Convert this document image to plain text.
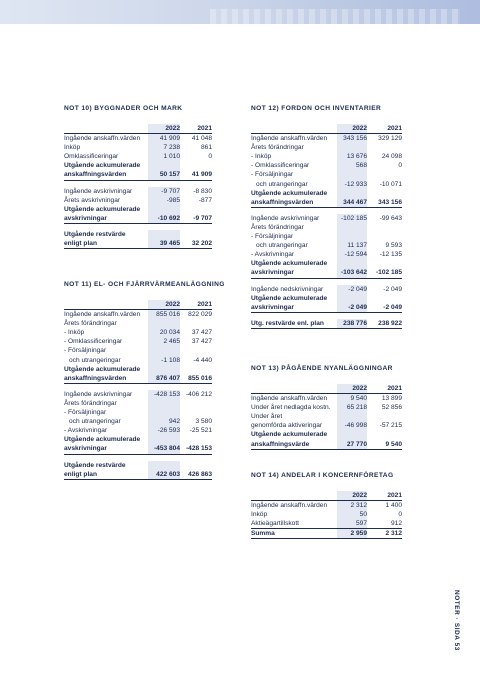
NOT 10) BYGGNADER OCH MARK
	2022	2021
Ingående anskaffn.värden	41 909	41 048
Inköp	7 238	861
Omklassificeringar	1 010	0
Utgående ackumulerade		
anskaffningsvärden	50 157	41 909

Ingående avskrivningar	-9 707	-8 830
Årets avskrivningar	-985	-877
Utgående ackumulerade		
avskrivningar	-10 692	-9 707

Utgående restvärde		
enligt plan	39 465	32 202
NOT 11) EL- OCH FJÄRRVÄRMEANLÄGGNING
	2022	2021
Ingående anskaffn.värden	855 016	822 029
Årets förändringar		
- Inköp	20 034	37 427
- Omklassificeringar	2 465	37 427
- Försäljningar		
och utrangeringar	-1 108	-4 440
Utgående ackumulerade		
anskaffningsvärden	876 407	855 016

Ingående avskrivningar	-428 153	-406 212
Årets förändringar		
- Försäljningar		
och utrangeringar	942	3 580
- Avskrivningar	-26 593	-25 521
Utgående ackumulerade		
avskrivningar	-453 804	-428 153

Utgående restvärde		
enligt plan	422 603	426 863
NOT 12) FORDON OCH INVENTARIER
	2022	2021
Ingående anskaffn.värden	343 156	329 129
Årets förändringar		
- Inköp	13 676	24 098
- Omklassificeringar	568	0
- Försäljningar		
och utrangeringar	-12 933	-10 071
Utgående ackumulerade		
anskaffningsvärden	344 467	343 156

Ingående avskrivningar	-102 185	-99 643
Årets förändringar		
- Försäljningar		
och utrangeringar	11 137	9 593
- Avskrivningar	-12 594	-12 135
Utgående ackumulerade		
avskrivningar	-103 642	-102 185

Ingående nedskrivningar	-2 049	-2 049
Utgående ackumulerade		
avskrivningar	-2 049	-2 049

Utg. restvärde enl. plan	238 776	238 922
NOT 13) PÅGÅENDE NYANLÄGGNINGAR
	2022	2021
Ingående anskaffn.värden	9 540	13 899
Under året nedlagda kostn.	65 218	52 856
Under året		
genomförda aktiveringar	-46 998	-57 215
Utgående ackumulerade		
anskaffningsvärde	27 770	9 540
NOT 14) ANDELAR I KONCERNFÖRETAG
	2022	2021
Ingående anskaffn.värden	2 312	1 400
Inköp	50	0
Aktieägartillskott	597	912
Summa	2 959	2 312
NOTER · SIDA 53
